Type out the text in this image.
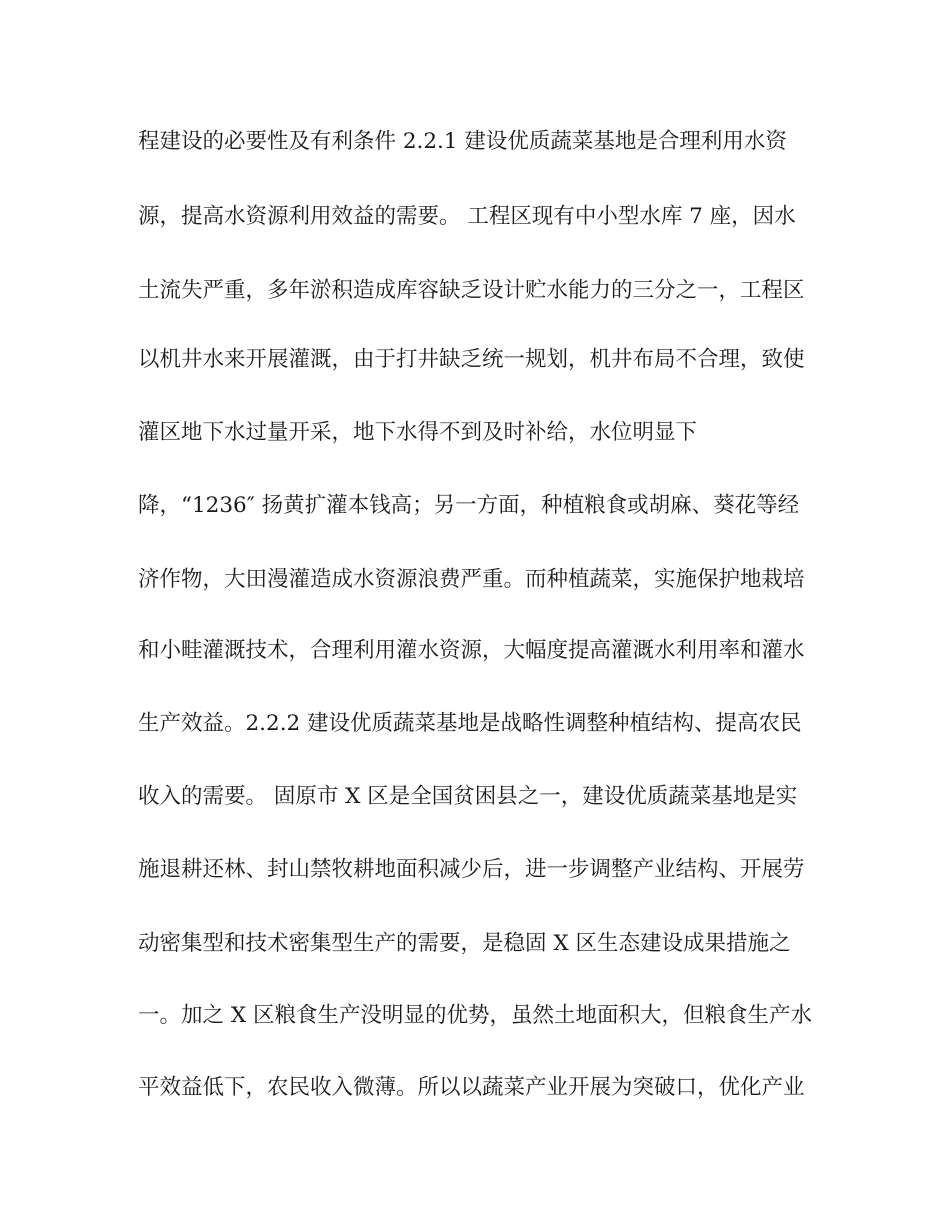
程建设的必要性及有利条件 2.2.1 建设优质蔬菜基地是合理利用水资
源，提高水资源利用效益的需要。 工程区现有中小型水库 7 座，因水
土流失严重，多年淤积造成库容缺乏设计贮水能力的三分之一，工程区
以机井水来开展灌溉，由于打井缺乏统一规划，机井布局不合理，致使
灌区地下水过量开采，地下水得不到及时补给，水位明显下
降，“1236″ 扬黄扩灌本钱高；另一方面，种植粮食或胡麻、葵花等经
济作物，大田漫灌造成水资源浪费严重。而种植蔬菜，实施保护地栽培
和小畦灌溉技术，合理利用灌水资源，大幅度提高灌溉水利用率和灌水
生产效益。2.2.2 建设优质蔬菜基地是战略性调整种植结构、提高农民
收入的需要。 固原市 X 区是全国贫困县之一，建设优质蔬菜基地是实
施退耕还林、封山禁牧耕地面积减少后，进一步调整产业结构、开展劳
动密集型和技术密集型生产的需要，是稳固 X 区生态建设成果措施之
一。加之 X 区粮食生产没明显的优势，虽然土地面积大，但粮食生产水
平效益低下，农民收入微薄。所以以蔬菜产业开展为突破口，优化产业
